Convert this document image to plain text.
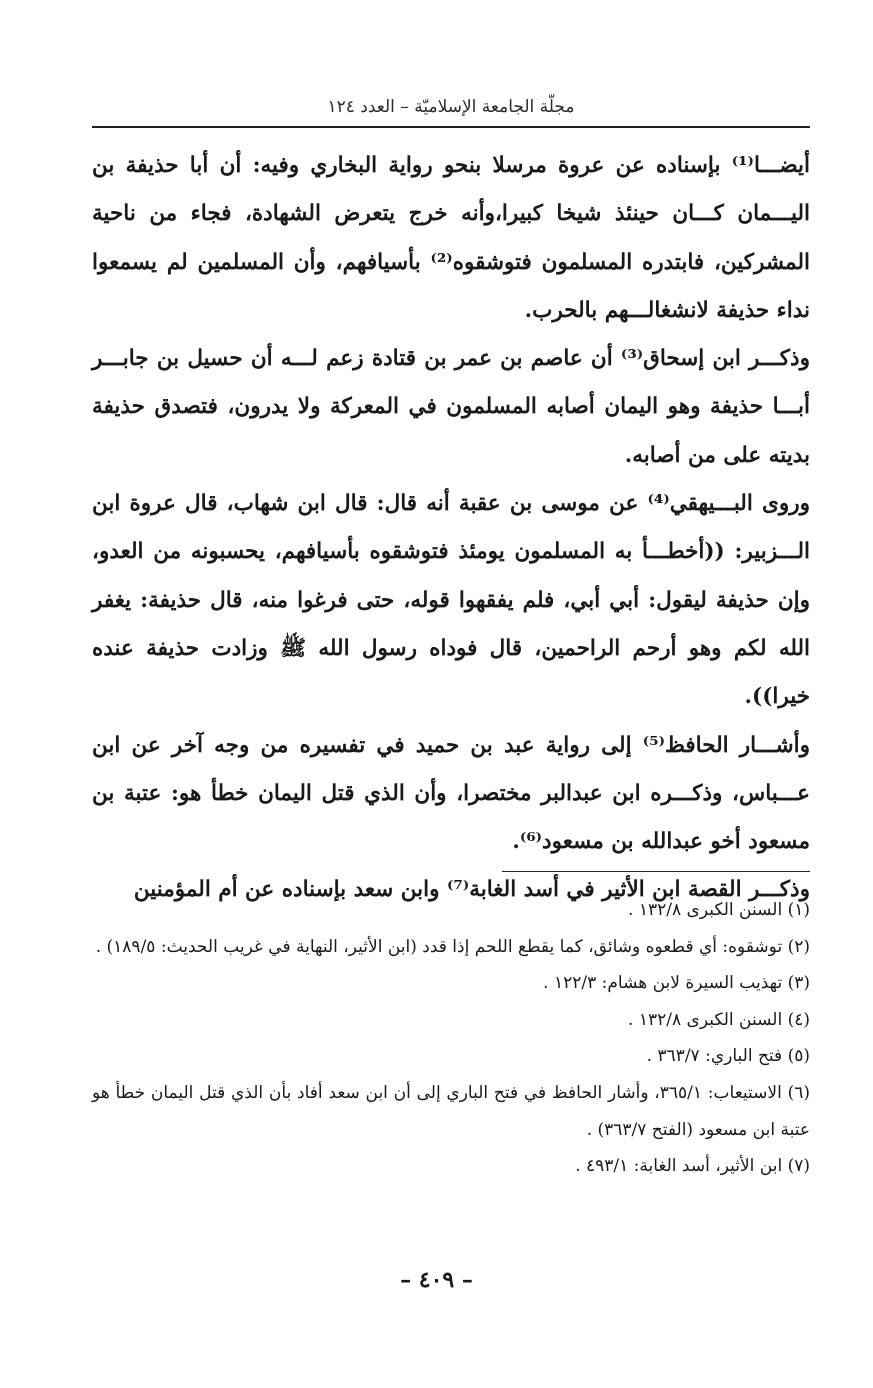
مجلّة الجامعة الإسلاميّة – العدد ١٢٤

أيضـــا⁽¹⁾ بإسناده عن عروة مرسلا بنحو رواية البخاري وفيه: أن أبا حذيفة بن اليـــمان كـــان حينئذ شيخا كبيرا،وأنه خرج يتعرض الشهادة، فجاء من ناحية المشركين، فابتدره المسلمون فتوشقوه⁽²⁾ بأسيافهم، وأن المسلمين لم يسمعوا نداء حذيفة لانشغالـــهم بالحرب.

وذكـــر ابن إسحاق⁽³⁾ أن عاصم بن عمر بن قتادة زعم لـــه أن حسيل بن جابـــر أبـــا حذيفة وهو اليمان أصابه المسلمون في المعركة ولا يدرون، فتصدق حذيفة بديته على من أصابه.

وروى البـــيهقي⁽⁴⁾ عن موسى بن عقبة أنه قال: قال ابن شهاب، قال عروة ابن الـــزبير: ((أخطـــأ به المسلمون يومئذ فتوشقوه بأسيافهم، يحسبونه من العدو، وإن حذيفة ليقول: أبي أبي، فلم يفقهوا قوله، حتى فرغوا منه، قال حذيفة: يغفر الله لكم وهو أرحم الراحمين، قال فوداه رسول الله ﷺ وزادت حذيفة عنده خيرا)).

وأشـــار الحافظ⁽⁵⁾ إلى رواية عبد بن حميد في تفسيره من وجه آخر عن ابن عـــباس، وذكـــره ابن عبدالبر مختصرا، وأن الذي قتل اليمان خطأ هو: عتبة بن مسعود أخو عبدالله بن مسعود⁽⁶⁾.

وذكـــر القصة ابن الأثير في أسد الغابة⁽⁷⁾ وابن سعد بإسناده عن أم المؤمنين

(١) السنن الكبرى ١٣٢/٨ .

(٢) توشقوه: أي قطعوه وشائق، كما يقطع اللحم إذا قدد (ابن الأثير، النهاية في غريب الحديث: ١٨٩/٥) .

(٣) تهذيب السيرة لابن هشام: ١٢٢/٣ .

(٤) السنن الكبرى ١٣٢/٨ .

(٥) فتح الباري: ٣٦٣/٧ .

(٦) الاستيعاب: ٣٦٥/١، وأشار الحافظ في فتح الباري إلى أن ابن سعد أفاد بأن الذي قتل اليمان خطأ هو عتبة ابن مسعود (الفتح ٣٦٣/٧) .

(٧) ابن الأثير، أسد الغابة: ٤٩٣/١ .

– ٤٠٩ –
